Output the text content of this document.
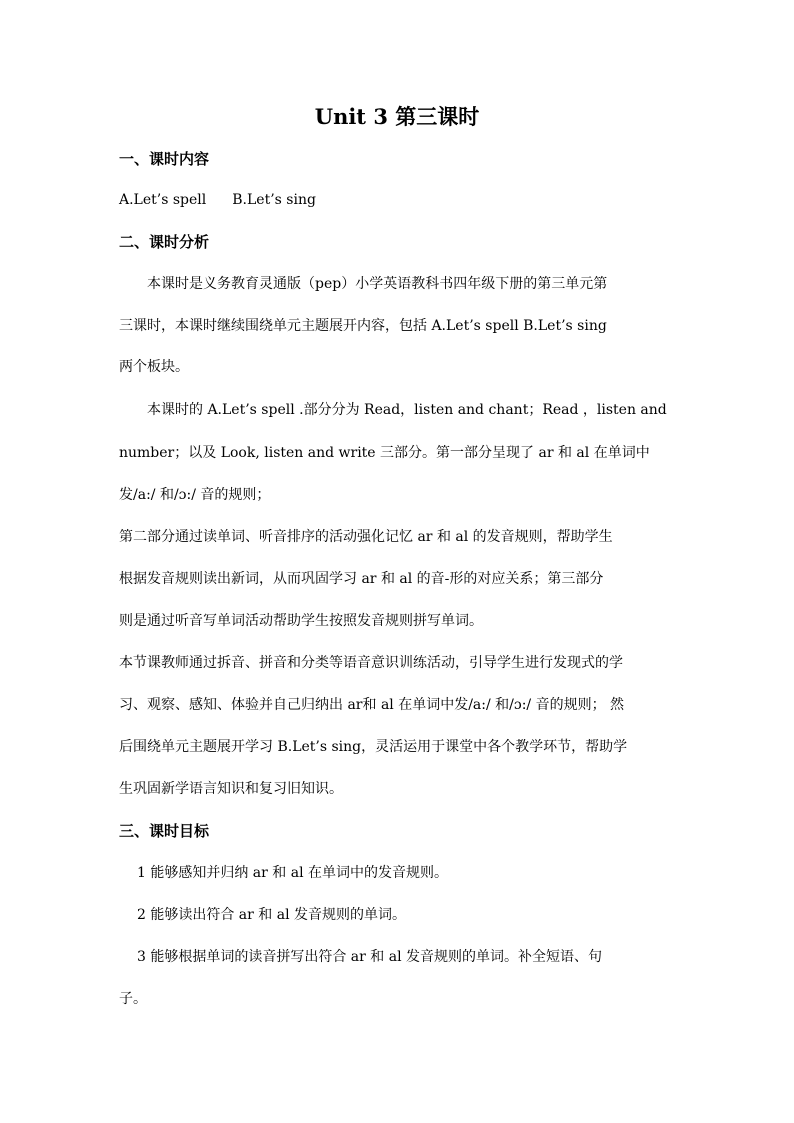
Unit 3 第三课时
一、课时内容
A.Let’s spell B.Let’s sing
二、课时分析
本课时是义务教育灵通版（pep）小学英语教科书四年级下册的第三单元第
三课时，本课时继续围绕单元主题展开内容，包括 A.Let’s spell B.Let’s sing
两个板块。
本课时的 A.Let’s spell .部分分为 Read，listen and chant；Read ，listen and
number；以及 Look, listen and write 三部分。第一部分呈现了 ar 和 al 在单词中
发/a:/ 和/ɔ:/ 音的规则；
第二部分通过读单词、听音排序的活动强化记忆 ar 和 al 的发音规则，帮助学生
根据发音规则读出新词，从而巩固学习 ar 和 al 的音-形的对应关系；第三部分
则是通过听音写单词活动帮助学生按照发音规则拼写单词。
本节课教师通过拆音、拼音和分类等语音意识训练活动，引导学生进行发现式的学
习、观察、感知、体验并自己归纳出 ar和 al 在单词中发/a:/ 和/ɔ:/ 音的规则； 然
后围绕单元主题展开学习 B.Let’s sing，灵活运用于课堂中各个教学环节，帮助学
生巩固新学语言知识和复习旧知识。
三、课时目标
1 能够感知并归纳 ar 和 al 在单词中的发音规则。
2 能够读出符合 ar 和 al 发音规则的单词。
3 能够根据单词的读音拼写出符合 ar 和 al 发音规则的单词。补全短语、句
子。
